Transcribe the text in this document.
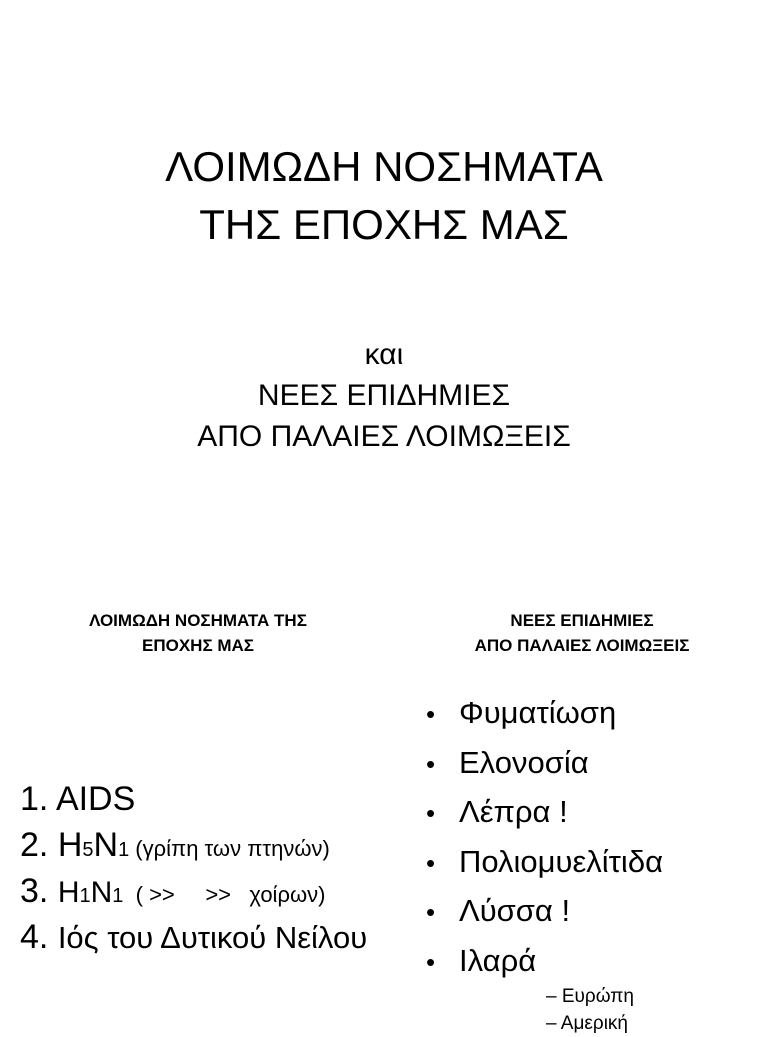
ΛΟΙΜΩΔΗ ΝΟΣΗΜΑΤΑ
ΤΗΣ ΕΠΟΧΗΣ ΜΑΣ
και
ΝΕΕΣ ΕΠΙΔΗΜΙΕΣ
ΑΠΟ ΠΑΛΑΙΕΣ ΛΟΙΜΩΞΕΙΣ
ΛΟΙΜΩΔΗ ΝΟΣΗΜΑΤΑ ΤΗΣ
ΕΠΟΧΗΣ ΜΑΣ
ΝΕΕΣ ΕΠΙΔΗΜΙΕΣ
ΑΠΟ ΠΑΛΑΙΕΣ ΛΟΙΜΩΞΕΙΣ
1. AIDS
2. H5N1 (γρίπη των πτηνών)
3. H1N1  ( >>     >>   χοίρων)
4. Ιός του Δυτικού Νείλου
• Φυματίωση
• Ελονοσία
• Λέπρα !
• Πολιομυελίτιδα
• Λύσσα !
• Ιλαρά
– Ευρώπη
– Αμερική
